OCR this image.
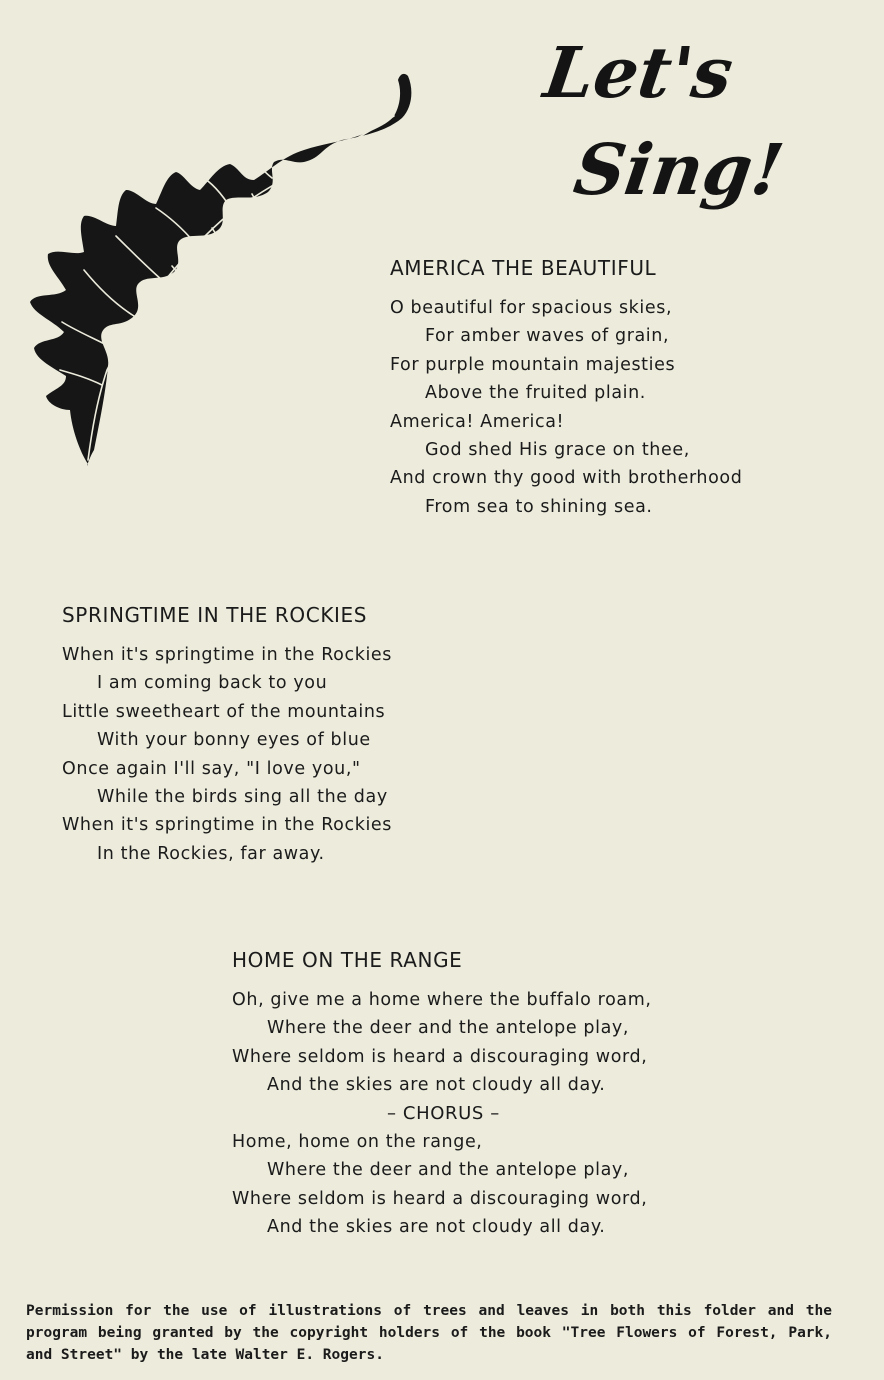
Let's
Sing!
AMERICA THE BEAUTIFUL
O beautiful for spacious skies,
For amber waves of grain,
For purple mountain majesties
Above the fruited plain.
America! America!
God shed His grace on thee,
And crown thy good with brotherhood
From sea to shining sea.
SPRINGTIME IN THE ROCKIES
When it's springtime in the Rockies
I am coming back to you
Little sweetheart of the mountains
With your bonny eyes of blue
Once again I'll say, "I love you,"
While the birds sing all the day
When it's springtime in the Rockies
In the Rockies, far away.
HOME ON THE RANGE
Oh, give me a home where the buffalo roam,
Where the deer and the antelope play,
Where seldom is heard a discouraging word,
And the skies are not cloudy all day.
– CHORUS –
Home, home on the range,
Where the deer and the antelope play,
Where seldom is heard a discouraging word,
And the skies are not cloudy all day.

Permission for the use of illustrations of trees and leaves in both this folder and the program being granted by the copyright holders of the book "Tree Flowers of Forest, Park, and Street" by the late Walter E. Rogers.
